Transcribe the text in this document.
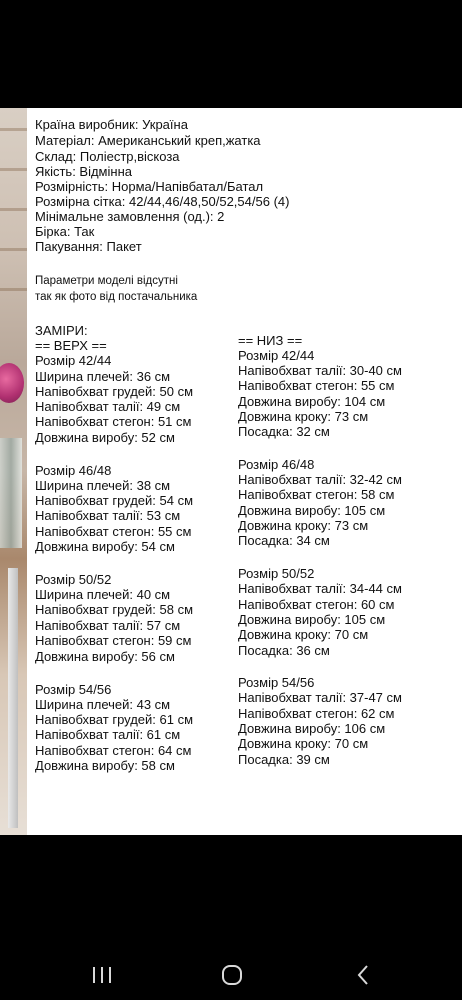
Країна виробник: Україна
Матеріал: Американський креп,жатка
Склад: Поліестр,віскоза
Якість: Відмінна
Розмірність: Норма/Напівбатал/Батал
Розмірна сітка: 42/44,46/48,50/52,54/56 (4)
Мінімальне замовлення (од.): 2
Бірка: Так
Пакування: Пакет
Параметри моделі відсутні
так як фото від постачальника
ЗАМІРИ:
== ВЕРХ ==	== НИЗ ==
Розмір 42/44
Ширина плечей: 36 см
Напівобхват грудей: 50 см
Напівобхват талії: 49 см
Напівобхват стегон: 51 см
Довжина виробу: 52 см
Розмір 46/48
Ширина плечей: 38 см
Напівобхват грудей: 54 см
Напівобхват талії: 53 см
Напівобхват стегон: 55 см
Довжина виробу: 54 см
Розмір 50/52
Ширина плечей: 40 см
Напівобхват грудей: 58 см
Напівобхват талії: 57 см
Напівобхват стегон: 59 см
Довжина виробу: 56 см
Розмір 54/56
Ширина плечей: 43 см
Напівобхват грудей: 61 см
Напівобхват талії: 61 см
Напівобхват стегон: 64 см
Довжина виробу: 58 см
Розмір 42/44
Напівобхват талії: 30-40 см
Напівобхват стегон: 55 см
Довжина виробу: 104 см
Довжина кроку: 73 см
Посадка: 32 см
Розмір 46/48
Напівобхват талії: 32-42 см
Напівобхват стегон: 58 см
Довжина виробу: 105 см
Довжина кроку: 73 см
Посадка: 34 см
Розмір 50/52
Напівобхват талії: 34-44 см
Напівобхват стегон: 60 см
Довжина виробу: 105 см
Довжина кроку: 70 см
Посадка: 36 см
Розмір 54/56
Напівобхват талії: 37-47 см
Напівобхват стегон: 62 см
Довжина виробу: 106 см
Довжина кроку: 70 см
Посадка: 39 см
